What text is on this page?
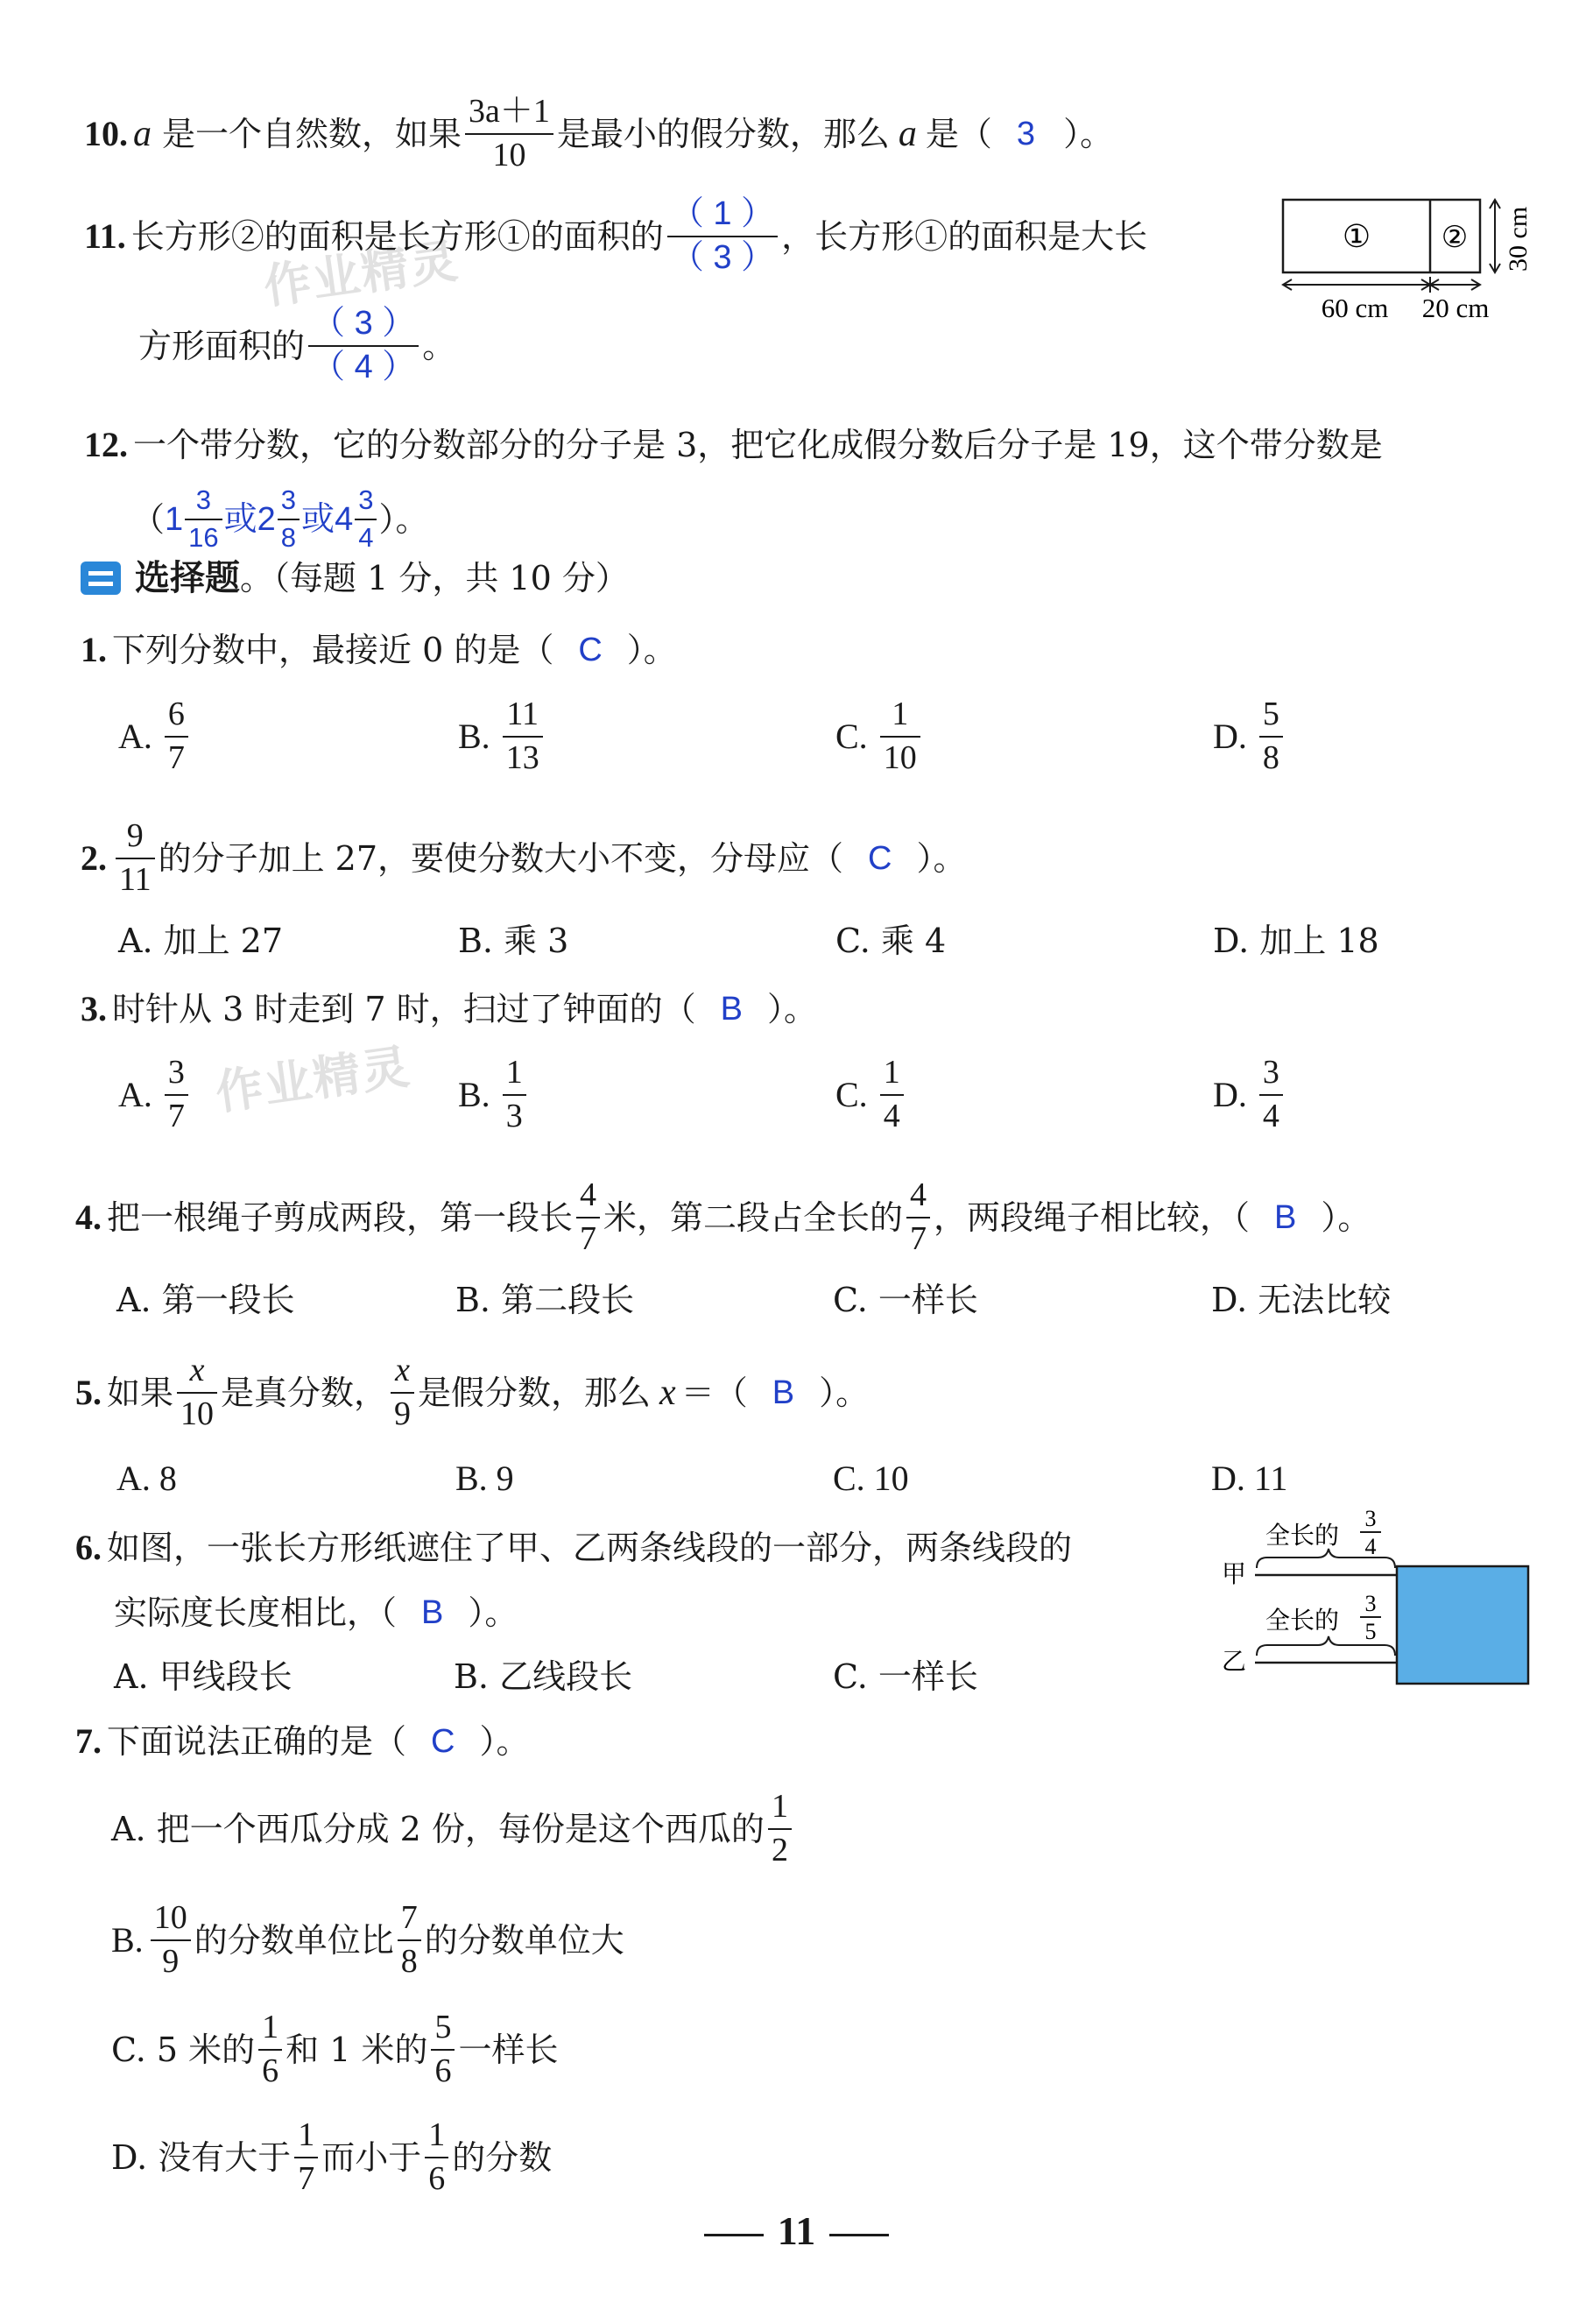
作业精灵
作业精灵
10. a 是一个自然数，如果 $\frac{3a+1}{10}$ 是最小的假分数，那么 a 是（ 3 ）。
11. 长方形②的面积是长方形①的面积的 $\frac{( 1 )}{( 3 )}$ ，长方形①的面积是大长
方形面积的 $\frac{( 3 )}{( 4 )}$ 。
① ② 30 cm
60 cm 20 cm
12. 一个带分数，它的分数部分的分子是 3，把它化成假分数后分子是 19，这个带分数是
（ $1 \frac{3}{16}$ 或 $2 \frac{3}{8}$ 或 $4 \frac{3}{4}$ ）。
选择题 。（每题 1 分，共 10 分）
1. 下列分数中，最接近 0 的是（ C ）。
A. $\frac{6}{7}$	B. $\frac{11}{13}$	C. $\frac{1}{10}$	D. $\frac{5}{8}$
2. $\frac{9}{11}$ 的分子加上 27，要使分数大小不变，分母应（ C ）。
A. 加上 27	B. 乘 3	C. 乘 4	D. 加上 18
3. 时针从 3 时走到 7 时，扫过了钟面的（ B ）。
A. $\frac{3}{7}$	B. $\frac{1}{3}$	C. $\frac{1}{4}$	D. $\frac{3}{4}$
4. 把一根绳子剪成两段，第一段长 $\frac{4}{7}$ 米，第二段占全长的 $\frac{4}{7}$ ，两段绳子相比较，（ B ）。
A. 第一段长	B. 第二段长	C. 一样长	D. 无法比较
5. 如果 $\frac{x}{10}$ 是真分数， $\frac{x}{9}$ 是假分数，那么 x ＝（ B ）。
A. 8	B. 9	C. 10	D. 11
6. 如图，一张长方形纸遮住了甲、乙两条线段的一部分，两条线段的
实际度长度相比，（ B ）。
A. 甲线段长	B. 乙线段长	C. 一样长
甲
乙
全长的
3
4
全长的
3
5
7. 下面说法正确的是（ C ）。
A. 把一个西瓜分成 2 份，每份是这个西瓜的 $\frac{1}{2}$
B. $\frac{10}{9}$ 的分数单位比 $\frac{7}{8}$ 的分数单位大
C. 5 米的 $\frac{1}{6}$ 和 1 米的 $\frac{5}{6}$ 一样长
D. 没有大于 $\frac{1}{7}$ 而小于 $\frac{1}{6}$ 的分数
11
